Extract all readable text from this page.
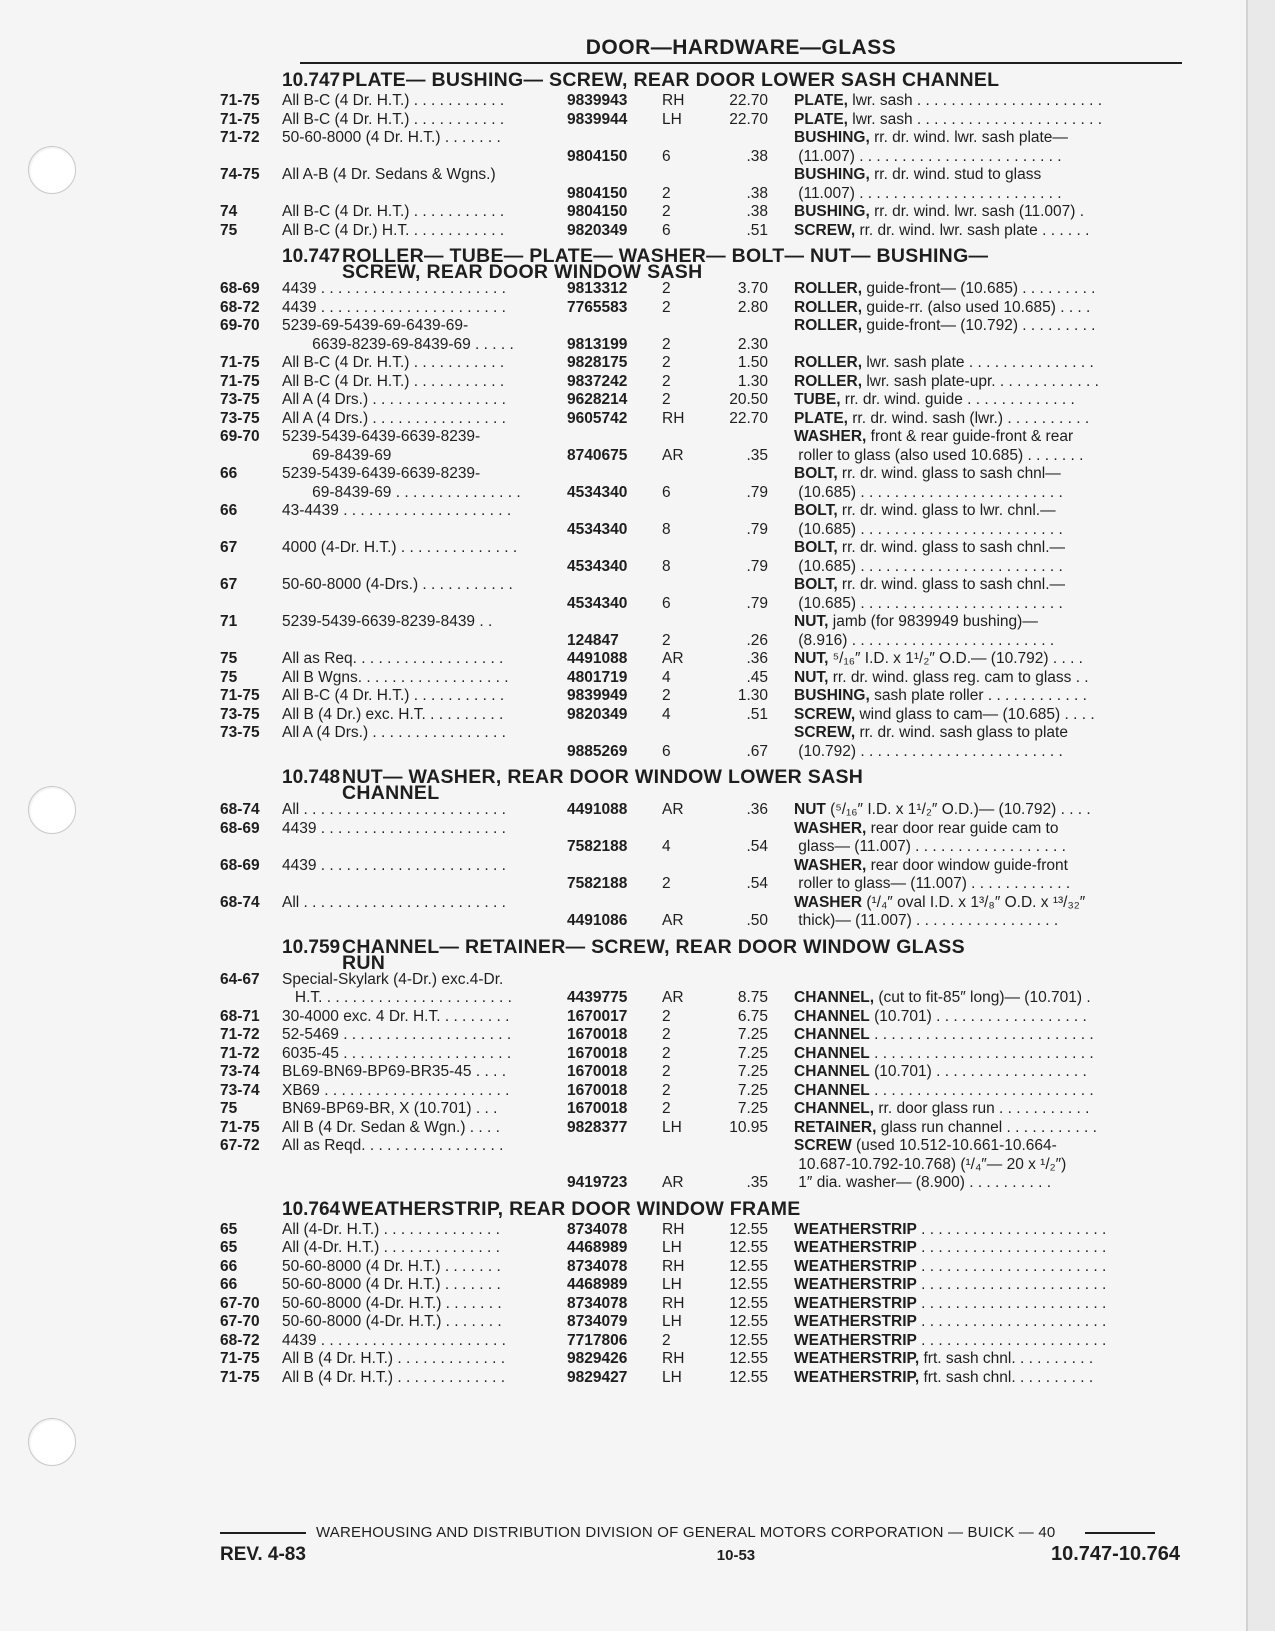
DOOR—HARDWARE—GLASS
10.747 PLATE— BUSHING— SCREW, REAR DOOR LOWER SASH CHANNEL
71-75	All B-C (4 Dr. H.T.) . . . . . . . . . . .	9839943	RH	22.70	PLATE, lwr. sash . . . . . . . . . . . . . . . . . . . . . .
71-75	All B-C (4 Dr. H.T.) . . . . . . . . . . .	9839944	LH	22.70	PLATE, lwr. sash . . . . . . . . . . . . . . . . . . . . . .
71-72	50-60-8000 (4 Dr. H.T.) . . . . . . .	BUSHING, rr. dr. wind. lwr. sash plate—
9804150	6	.38	(11.007) . . . . . . . . . . . . . . . . . . . . . . . .
74-75	All A-B (4 Dr. Sedans & Wgns.)	BUSHING, rr. dr. wind. stud to glass
9804150	2	.38	(11.007) . . . . . . . . . . . . . . . . . . . . . . . .
74	All B-C (4 Dr. H.T.) . . . . . . . . . . .	9804150	2	.38	BUSHING, rr. dr. wind. lwr. sash (11.007) .
75	All B-C (4 Dr.) H.T. . . . . . . . . . . .	9820349	6	.51	SCREW, rr. dr. wind. lwr. sash plate . . . . . .
10.747 ROLLER— TUBE— PLATE— WASHER— BOLT— NUT— BUSHING—
SCREW, REAR DOOR WINDOW SASH
68-69	4439 . . . . . . . . . . . . . . . . . . . . . .	9813312	2	3.70	ROLLER, guide-front— (10.685) . . . . . . . . .
68-72	4439 . . . . . . . . . . . . . . . . . . . . . .	7765583	2	2.80	ROLLER, guide-rr. (also used 10.685) . . . .
69-70	5239-69-5439-69-6439-69-	ROLLER, guide-front— (10.792) . . . . . . . . .
6639-8239-69-8439-69 . . . . .	9813199	2	2.30
71-75	All B-C (4 Dr. H.T.) . . . . . . . . . . .	9828175	2	1.50	ROLLER, lwr. sash plate . . . . . . . . . . . . . . .
71-75	All B-C (4 Dr. H.T.) . . . . . . . . . . .	9837242	2	1.30	ROLLER, lwr. sash plate-upr. . . . . . . . . . . . .
73-75	All A (4 Drs.) . . . . . . . . . . . . . . . .	9628214	2	20.50	TUBE, rr. dr. wind. guide . . . . . . . . . . . . .
73-75	All A (4 Drs.) . . . . . . . . . . . . . . . .	9605742	RH	22.70	PLATE, rr. dr. wind. sash (lwr.) . . . . . . . . . .
69-70	5239-5439-6439-6639-8239-	WASHER, front & rear guide-front & rear
69-8439-69	8740675	AR	.35	roller to glass (also used 10.685) . . . . . . .
66	5239-5439-6439-6639-8239-	BOLT, rr. dr. wind. glass to sash chnl—
69-8439-69 . . . . . . . . . . . . . . .	4534340	6	.79	(10.685) . . . . . . . . . . . . . . . . . . . . . . . .
66	43-4439 . . . . . . . . . . . . . . . . . . . .	BOLT, rr. dr. wind. glass to lwr. chnl.—
4534340	8	.79	(10.685) . . . . . . . . . . . . . . . . . . . . . . . .
67	4000 (4-Dr. H.T.) . . . . . . . . . . . . . .	BOLT, rr. dr. wind. glass to sash chnl.—
4534340	8	.79	(10.685) . . . . . . . . . . . . . . . . . . . . . . . .
67	50-60-8000 (4-Drs.) . . . . . . . . . . .	BOLT, rr. dr. wind. glass to sash chnl.—
4534340	6	.79	(10.685) . . . . . . . . . . . . . . . . . . . . . . . .
71	5239-5439-6639-8239-8439 . .	NUT, jamb (for 9839949 bushing)—
124847	2	.26	(8.916) . . . . . . . . . . . . . . . . . . . . . . . .
75	All as Req. . . . . . . . . . . . . . . . . .	4491088	AR	.36	NUT, ⁵/₁₆″ I.D. x 1¹/₂″ O.D.— (10.792) . . . .
75	All B Wgns. . . . . . . . . . . . . . . . . .	4801719	4	.45	NUT, rr. dr. wind. glass reg. cam to glass . .
71-75	All B-C (4 Dr. H.T.) . . . . . . . . . . .	9839949	2	1.30	BUSHING, sash plate roller . . . . . . . . . . . .
73-75	All B (4 Dr.) exc. H.T. . . . . . . . . .	9820349	4	.51	SCREW, wind glass to cam— (10.685) . . . .
73-75	All A (4 Drs.) . . . . . . . . . . . . . . . .	SCREW, rr. dr. wind. sash glass to plate
9885269	6	.67	(10.792) . . . . . . . . . . . . . . . . . . . . . . . .
10.748 NUT— WASHER, REAR DOOR WINDOW LOWER SASH
CHANNEL
68-74	All . . . . . . . . . . . . . . . . . . . . . . . .	4491088	AR	.36	NUT (⁵/₁₆″ I.D. x 1¹/₂″ O.D.)— (10.792) . . . .
68-69	4439 . . . . . . . . . . . . . . . . . . . . . .	WASHER, rear door rear guide cam to
7582188	4	.54	glass— (11.007) . . . . . . . . . . . . . . . . . .
68-69	4439 . . . . . . . . . . . . . . . . . . . . . .	WASHER, rear door window guide-front
7582188	2	.54	roller to glass— (11.007) . . . . . . . . . . . .
68-74	All . . . . . . . . . . . . . . . . . . . . . . . .	WASHER (¹/₄″ oval I.D. x 1³/₈″ O.D. x ¹³/₃₂″
4491086	AR	.50	thick)— (11.007) . . . . . . . . . . . . . . . . .
10.759 CHANNEL— RETAINER— SCREW, REAR DOOR WINDOW GLASS
RUN
64-67	Special-Skylark (4-Dr.) exc.4-Dr.
H.T. . . . . . . . . . . . . . . . . . . . . . .	4439775	AR	8.75	CHANNEL, (cut to fit-85″ long)— (10.701) .
68-71	30-4000 exc. 4 Dr. H.T. . . . . . . . .	1670017	2	6.75	CHANNEL (10.701) . . . . . . . . . . . . . . . . . .
71-72	52-5469 . . . . . . . . . . . . . . . . . . . .	1670018	2	7.25	CHANNEL . . . . . . . . . . . . . . . . . . . . . . . . . .
71-72	6035-45 . . . . . . . . . . . . . . . . . . . .	1670018	2	7.25	CHANNEL . . . . . . . . . . . . . . . . . . . . . . . . . .
73-74	BL69-BN69-BP69-BR35-45 . . . .	1670018	2	7.25	CHANNEL (10.701) . . . . . . . . . . . . . . . . . .
73-74	XB69 . . . . . . . . . . . . . . . . . . . . . .	1670018	2	7.25	CHANNEL . . . . . . . . . . . . . . . . . . . . . . . . . .
75	BN69-BP69-BR, X (10.701) . . .	1670018	2	7.25	CHANNEL, rr. door glass run . . . . . . . . . . .
71-75	All B (4 Dr. Sedan & Wgn.) . . . .	9828377	LH	10.95	RETAINER, glass run channel . . . . . . . . . . .
67-72	All as Reqd. . . . . . . . . . . . . . . . .	SCREW (used 10.512-10.661-10.664-
10.687-10.792-10.768) (¹/₄″— 20 x ¹/₂″)
9419723	AR	.35	1″ dia. washer— (8.900) . . . . . . . . . .
10.764 WEATHERSTRIP, REAR DOOR WINDOW FRAME
65	All (4-Dr. H.T.) . . . . . . . . . . . . . .	8734078	RH	12.55	WEATHERSTRIP . . . . . . . . . . . . . . . . . . . . . .
65	All (4-Dr. H.T.) . . . . . . . . . . . . . .	4468989	LH	12.55	WEATHERSTRIP . . . . . . . . . . . . . . . . . . . . . .
66	50-60-8000 (4 Dr. H.T.) . . . . . . .	8734078	RH	12.55	WEATHERSTRIP . . . . . . . . . . . . . . . . . . . . . .
66	50-60-8000 (4 Dr. H.T.) . . . . . . .	4468989	LH	12.55	WEATHERSTRIP . . . . . . . . . . . . . . . . . . . . . .
67-70	50-60-8000 (4-Dr. H.T.) . . . . . . .	8734078	RH	12.55	WEATHERSTRIP . . . . . . . . . . . . . . . . . . . . . .
67-70	50-60-8000 (4-Dr. H.T.) . . . . . . .	8734079	LH	12.55	WEATHERSTRIP . . . . . . . . . . . . . . . . . . . . . .
68-72	4439 . . . . . . . . . . . . . . . . . . . . . .	7717806	2	12.55	WEATHERSTRIP . . . . . . . . . . . . . . . . . . . . . .
71-75	All B (4 Dr. H.T.) . . . . . . . . . . . . .	9829426	RH	12.55	WEATHERSTRIP, frt. sash chnl. . . . . . . . . .
71-75	All B (4 Dr. H.T.) . . . . . . . . . . . . .	9829427	LH	12.55	WEATHERSTRIP, frt. sash chnl. . . . . . . . . .
WAREHOUSING AND DISTRIBUTION DIVISION OF GENERAL MOTORS CORPORATION — BUICK — 40
REV. 4-83	10-53	10.747-10.764
